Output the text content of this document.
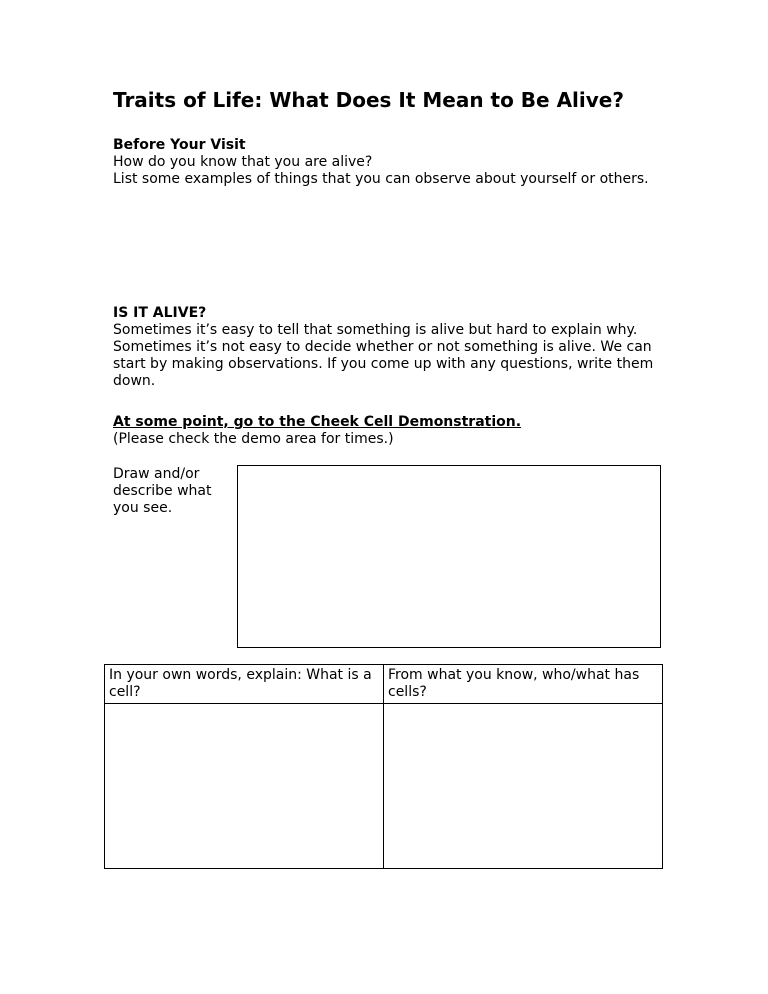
Traits of Life: What Does It Mean to Be Alive?
Before Your Visit

How do you know that you are alive?

List some examples of things that you can observe about yourself or others.

IS IT ALIVE?

Sometimes it’s easy to tell that something is alive but hard to explain why. Sometimes it’s not easy to decide whether or not something is alive. We can start by making observations. If you come up with any questions, write them down.

At some point, go to the Cheek Cell Demonstration.

(Please check the demo area for times.)

Draw and/or describe what you see.
In your own words, explain: What is a cell?	From what you know, who/what has cells?
